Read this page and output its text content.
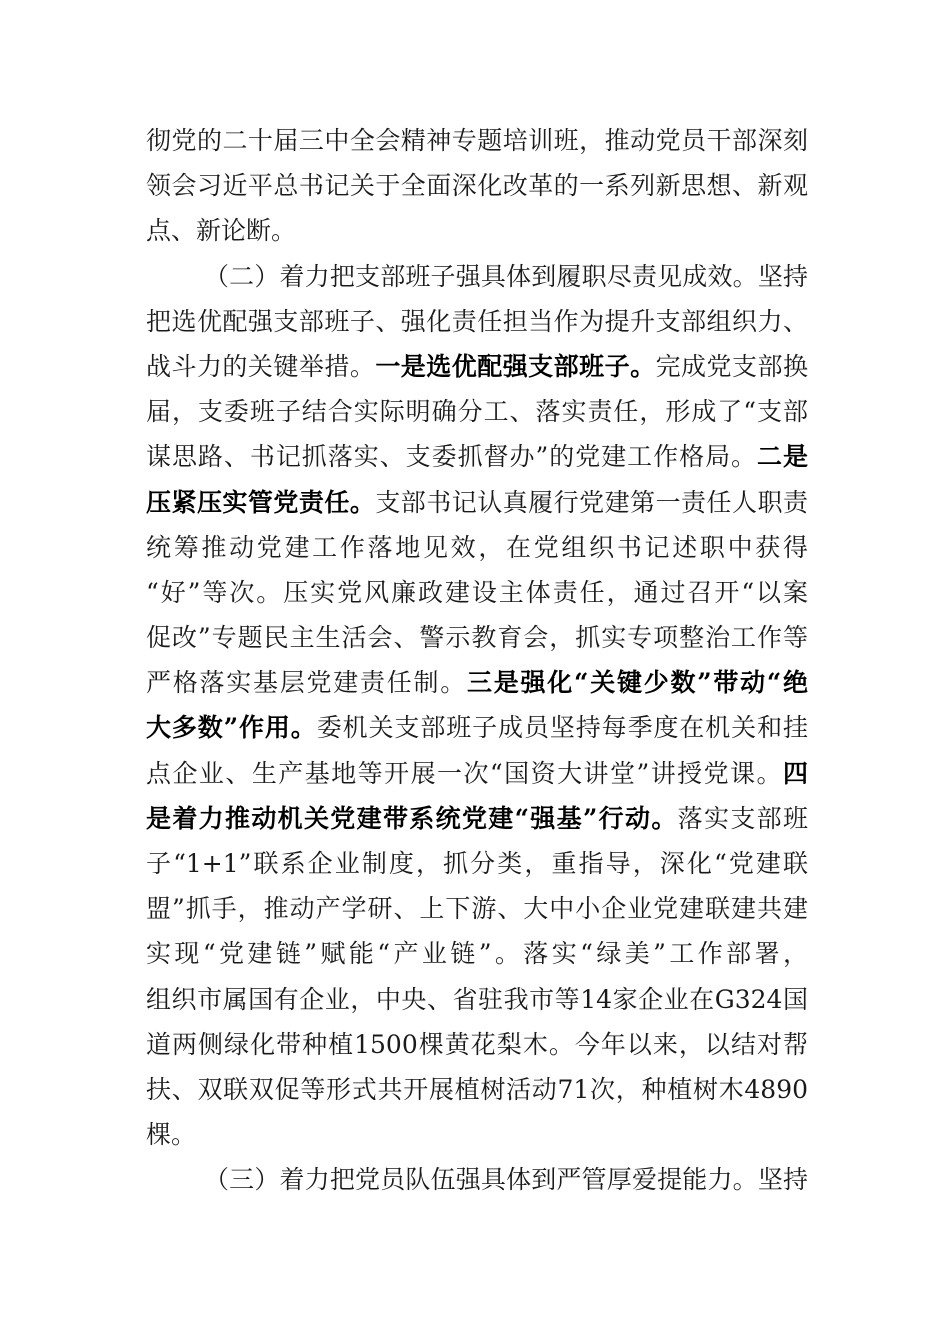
彻党的二十届三中全会精神专题培训班，推动党员干部深刻
领会习近平总书记关于全面深化改革的一系列新思想、新观
点、新论断。
（二）着力把支部班子强具体到履职尽责见成效。坚持
把选优配强支部班子、强化责任担当作为提升支部组织力、
战斗力的关键举措。一是选优配强支部班子。完成党支部换
届，支委班子结合实际明确分工、落实责任，形成了“支部
谋思路、书记抓落实、支委抓督办”的党建工作格局。二是
压紧压实管党责任。支部书记认真履行党建第一责任人职责
统筹推动党建工作落地见效，在党组织书记述职中获得
“好”等次。压实党风廉政建设主体责任，通过召开“以案
促改”专题民主生活会、警示教育会，抓实专项整治工作等
严格落实基层党建责任制。三是强化“关键少数”带动“绝
大多数”作用。委机关支部班子成员坚持每季度在机关和挂
点企业、生产基地等开展一次“国资大讲堂”讲授党课。四
是着力推动机关党建带系统党建“强基”行动。落实支部班
子“1+1”联系企业制度，抓分类，重指导，深化“党建联
盟”抓手，推动产学研、上下游、大中小企业党建联建共建
实现“党建链”赋能“产业链”。落实“绿美”工作部署，
组织市属国有企业，中央、省驻我市等14家企业在G324国
道两侧绿化带种植1500棵黄花梨木。今年以来，以结对帮
扶、双联双促等形式共开展植树活动71次，种植树木4890
棵。
（三）着力把党员队伍强具体到严管厚爱提能力。坚持
